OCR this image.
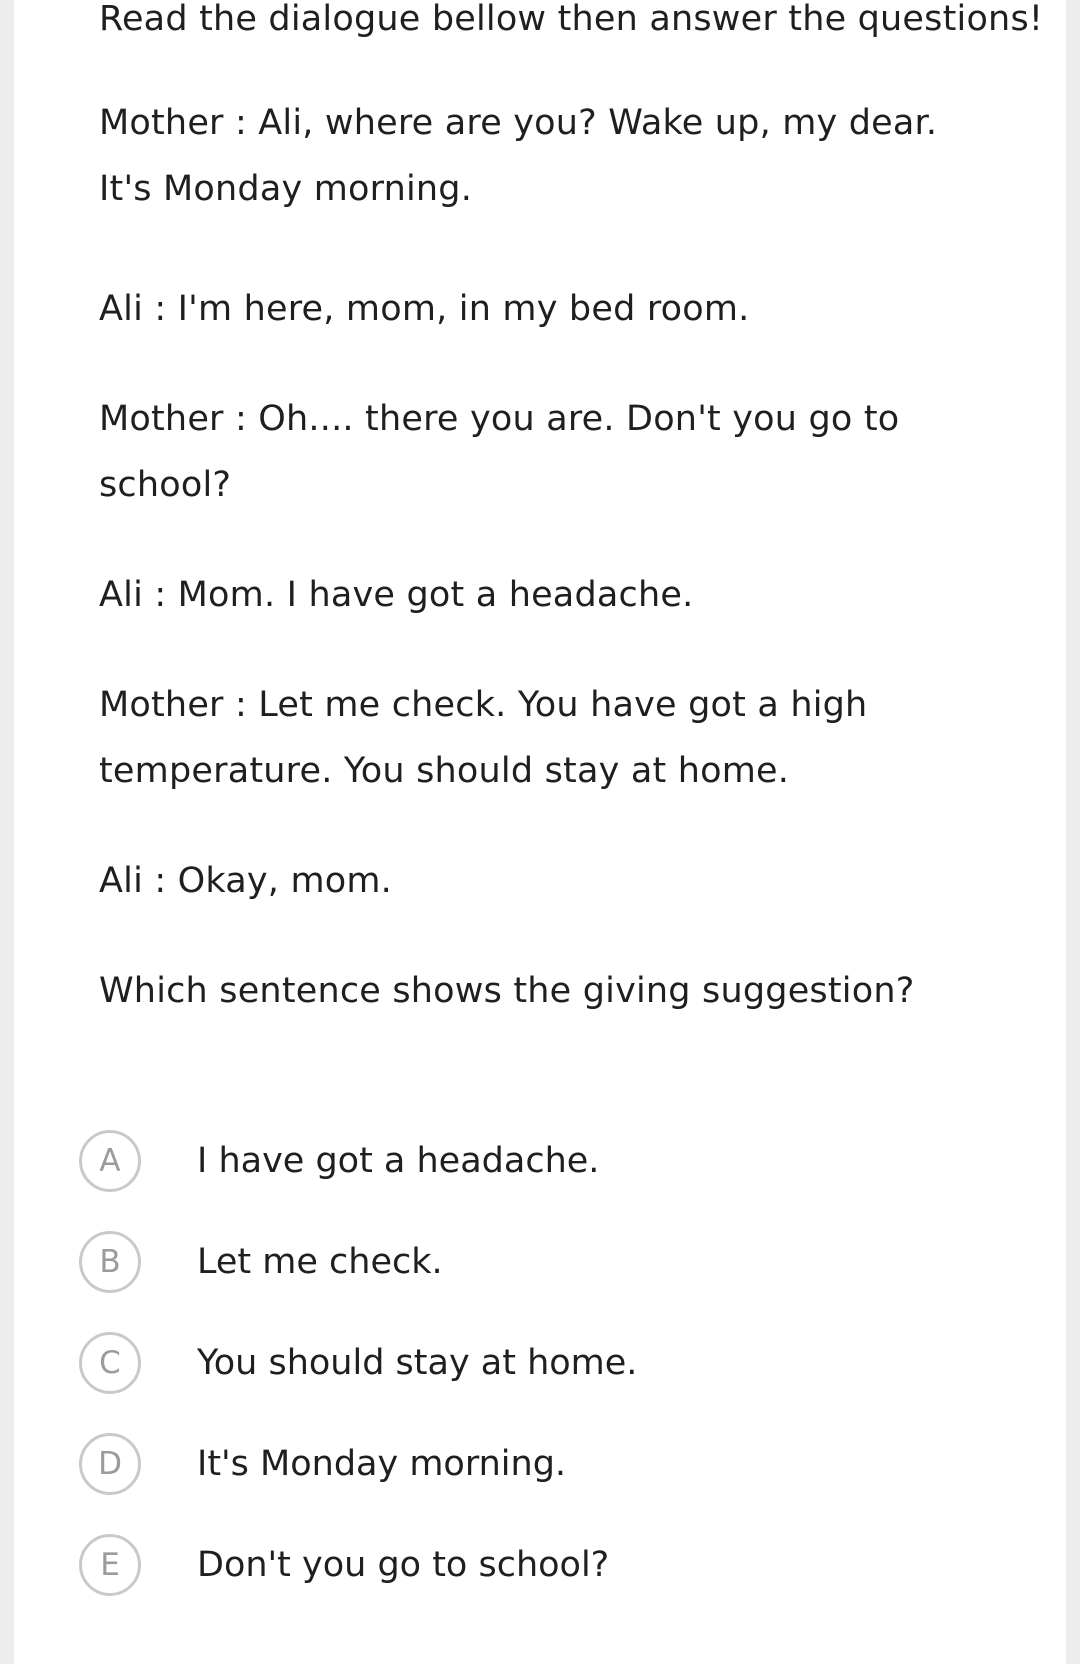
Read the dialogue bellow then answer the questions!
Mother : Ali, where are you? Wake up, my dear.
It's Monday morning.
Ali : I'm here, mom, in my bed room.
Mother : Oh.... there you are. Don't you go to
school?
Ali : Mom. I have got a headache.
Mother : Let me check. You have got a high
temperature. You should stay at home.
Ali : Okay, mom.
Which sentence shows the giving suggestion?
A	I have got a headache.
B	Let me check.
C	You should stay at home.
D	It's Monday morning.
E	Don't you go to school?
